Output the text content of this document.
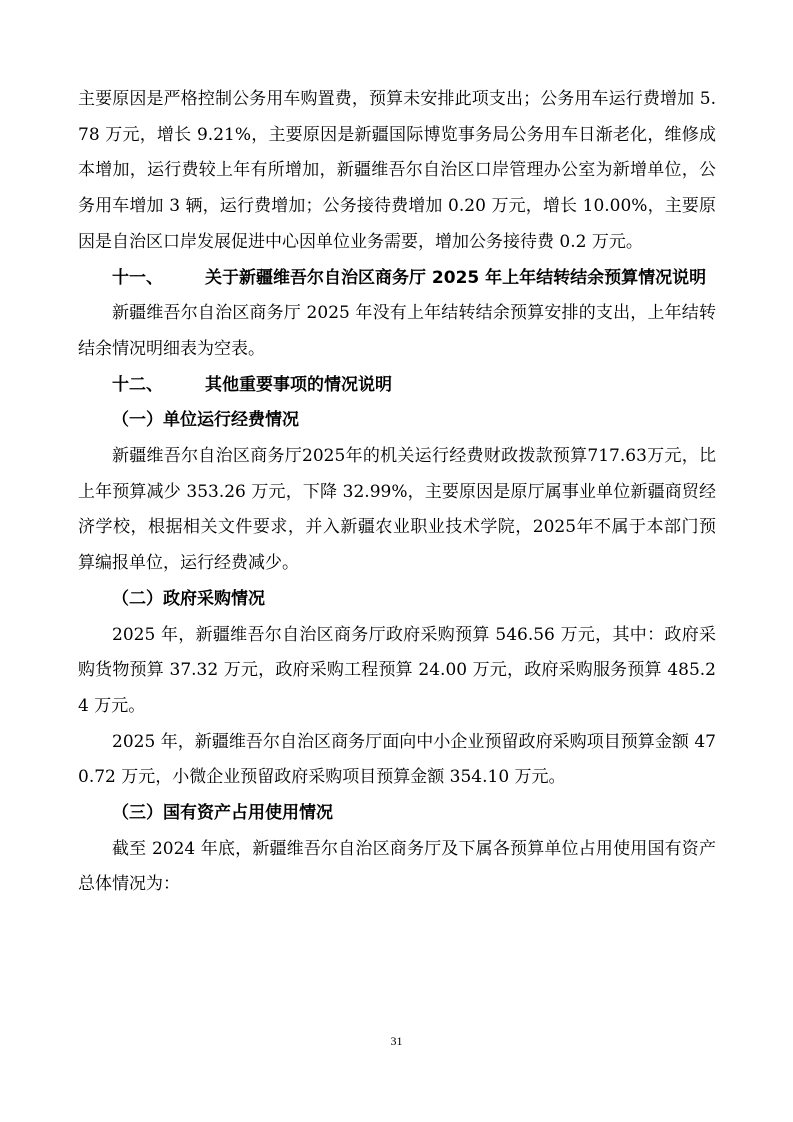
主要原因是严格控制公务用车购置费，预算未安排此项支出；公务用车运行费增加 5.78 万元，增长 9.21%，主要原因是新疆国际博览事务局公务用车日渐老化，维修成本增加，运行费较上年有所增加，新疆维吾尔自治区口岸管理办公室为新增单位，公务用车增加 3 辆，运行费增加；公务接待费增加 0.20 万元，增长 10.00%，主要原因是自治区口岸发展促进中心因单位业务需要，增加公务接待费 0.2 万元。

十一、 关于新疆维吾尔自治区商务厅 2025 年上年结转结余预算情况说明

新疆维吾尔自治区商务厅 2025 年没有上年结转结余预算安排的支出，上年结转结余情况明细表为空表。

十二、 其他重要事项的情况说明

（一）单位运行经费情况

新疆维吾尔自治区商务厅2025年的机关运行经费财政拨款预算717.63万元，比上年预算减少 353.26 万元，下降 32.99%，主要原因是原厅属事业单位新疆商贸经济学校，根据相关文件要求，并入新疆农业职业技术学院，2025年不属于本部门预算编报单位，运行经费减少。

（二）政府采购情况

2025 年，新疆维吾尔自治区商务厅政府采购预算 546.56 万元，其中：政府采购货物预算 37.32 万元，政府采购工程预算 24.00 万元，政府采购服务预算 485.24 万元。

2025 年，新疆维吾尔自治区商务厅面向中小企业预留政府采购项目预算金额 470.72 万元，小微企业预留政府采购项目预算金额 354.10 万元。

（三）国有资产占用使用情况

截至 2024 年底，新疆维吾尔自治区商务厅及下属各预算单位占用使用国有资产总体情况为：

31
